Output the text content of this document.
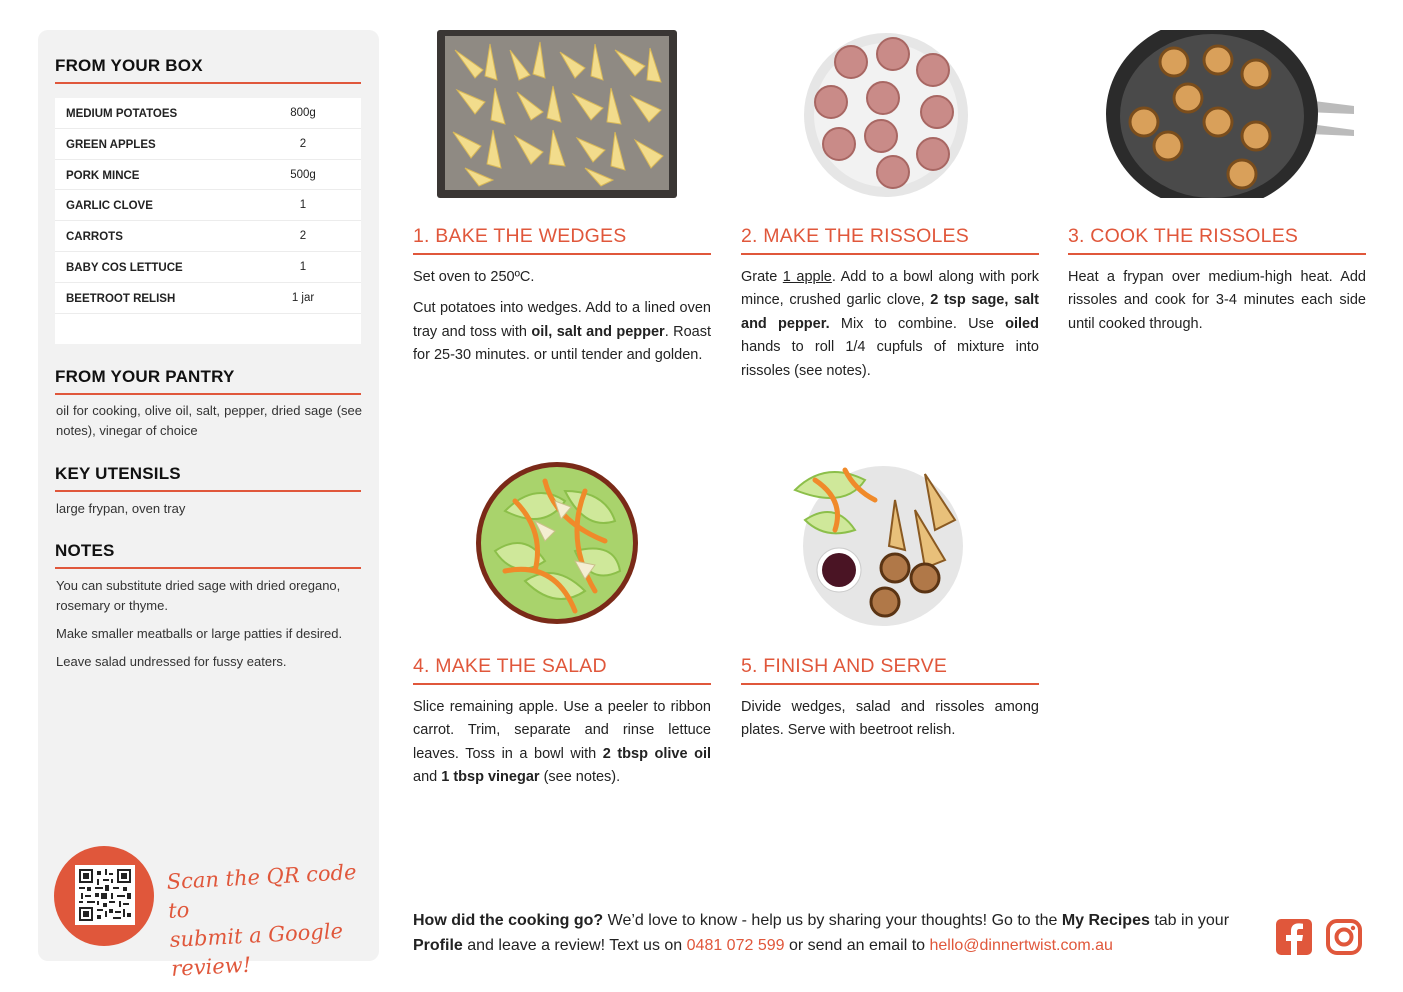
FROM YOUR BOX
MEDIUM POTATOES	800g
GREEN APPLES	2
PORK MINCE	500g
GARLIC CLOVE	1
CARROTS	2
BABY COS LETTUCE	1
BEETROOT RELISH	1 jar
FROM YOUR PANTRY
oil for cooking, olive oil, salt, pepper, dried sage (see notes), vinegar of choice
KEY UTENSILS
large frypan, oven tray
NOTES

You can substitute dried sage with dried oregano, rosemary or thyme.

Make smaller meatballs or large patties if desired.

Leave salad undressed for fussy eaters.

Scan the QR code to
submit a Google review!
1. BAKE THE WEDGES

Set oven to 250ºC.

Cut potatoes into wedges. Add to a lined oven tray and toss with oil, salt and pepper. Roast for 25-30 minutes. or until tender and golden.

2. MAKE THE RISSOLES

Grate 1 apple. Add to a bowl along with pork mince, crushed garlic clove, 2 tsp sage, salt and pepper. Mix to combine. Use oiled hands to roll 1/4 cupfuls of mixture into rissoles (see notes).

3. COOK THE RISSOLES
Heat a frypan over medium-high heat. Add rissoles and cook for 3-4 minutes each side until cooked through.
4. MAKE THE SALAD

Slice remaining apple. Use a peeler to ribbon carrot. Trim, separate and rinse lettuce leaves. Toss in a bowl with 2 tbsp olive oil and 1 tbsp vinegar (see notes).

5. FINISH AND SERVE
Divide wedges, salad and rissoles among plates. Serve with beetroot relish.
How did the cooking go? We’d love to know - help us by sharing your thoughts! Go to the My Recipes tab in your Profile and leave a review! Text us on 0481 072 599 or send an email to hello@dinnertwist.com.au
